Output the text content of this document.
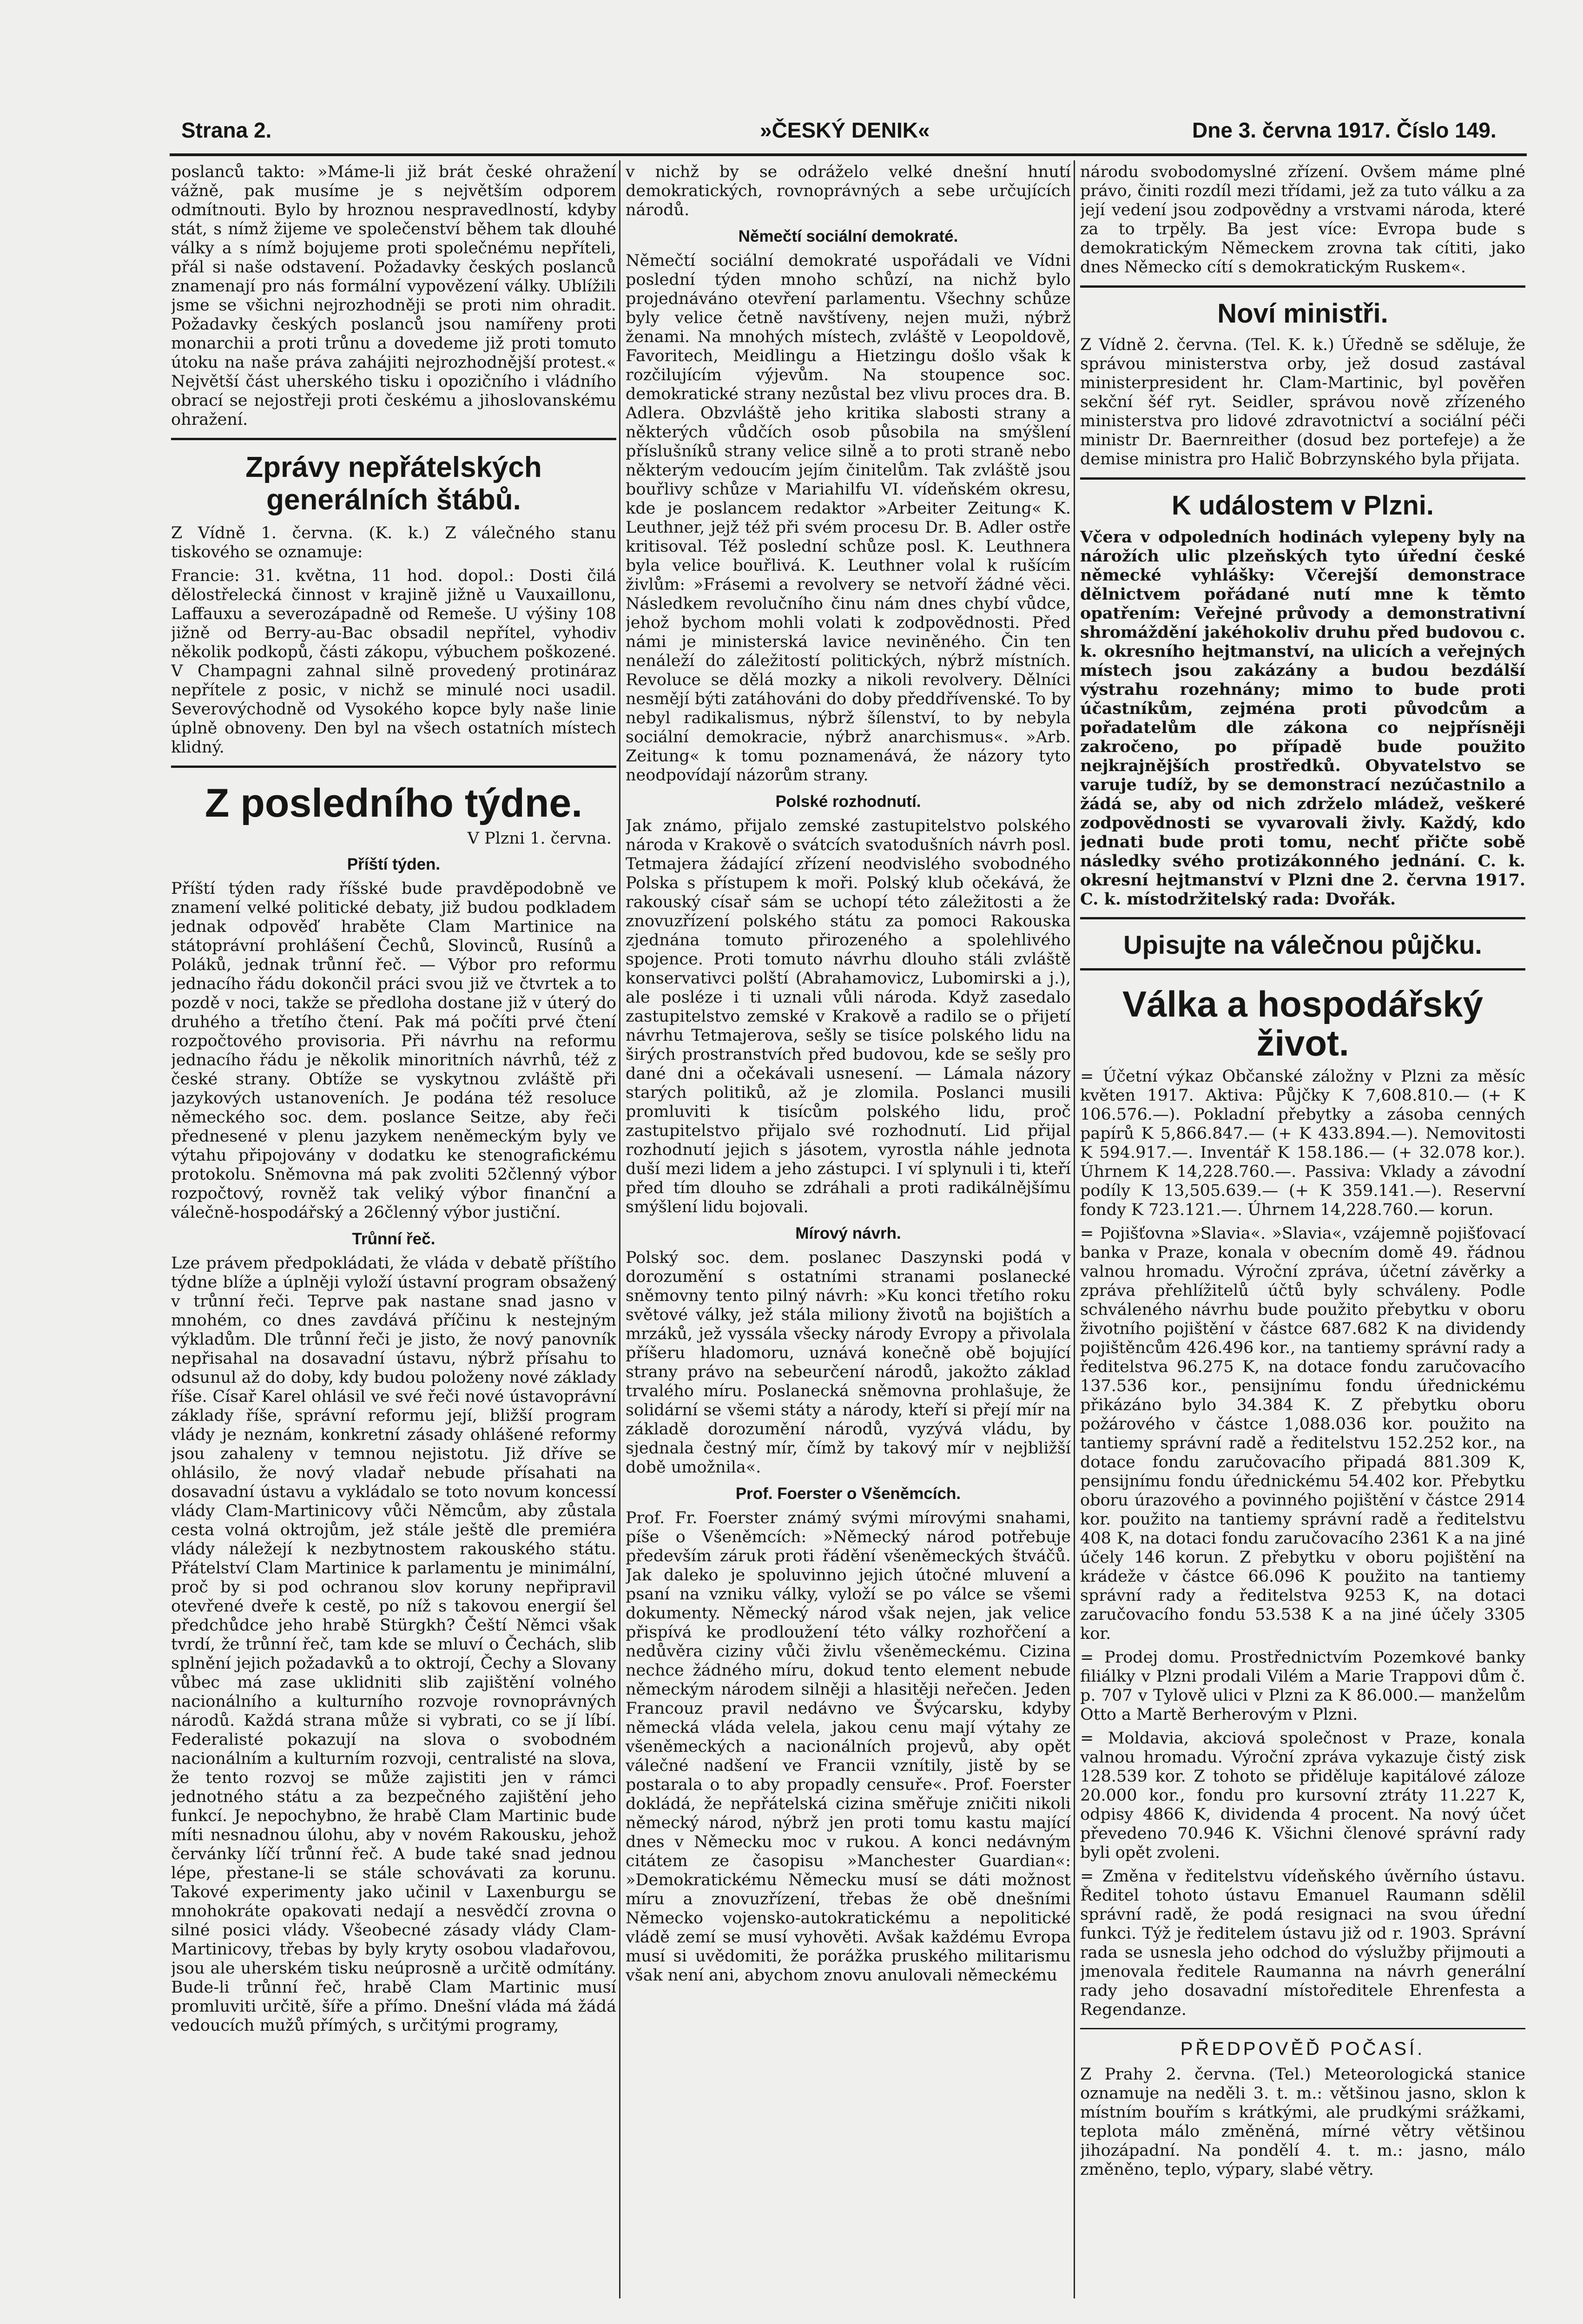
Strana 2.	»ČESKÝ DENIK«	Dne 3. června 1917. Číslo 149.

poslanců takto: »Máme-li již brát české ohražení vážně, pak musíme je s největším odporem odmítnouti. Bylo by hroznou nespravedlností, kdyby stát, s nímž žijeme ve společenství během tak dlouhé války a s nímž bojujeme proti společnému nepříteli, přál si naše odstavení. Požadavky českých poslanců znamenají pro nás formální vypovězení války. Ublížili jsme se všichni nejrozhodněji se proti nim ohradit. Požadavky českých poslanců jsou namířeny proti monarchii a proti trůnu a dovedeme již proti tomuto útoku na naše práva zahájiti nejrozhodnější protest.« Největší část uherského tisku i opozičního i vládního obrací se nejostřeji proti českému a jihoslovanskému ohražení.

Zprávy nepřátelských generálních štábů.

Z Vídně 1. června. (K. k.) Z válečného stanu tiskového se oznamuje:

Francie: 31. května, 11 hod. dopol.: Dosti čilá dělostřelecká činnost v krajině jižně u Vauxaillonu, Laffauxu a severozápadně od Remeše. U výšiny 108 jižně od Berry-au-Bac obsadil nepřítel, vyhodiv několik podkopů, části zákopu, výbuchem poškozené. V Champagni zahnal silně provedený protináraz nepřítele z posic, v nichž se minulé noci usadil. Severovýchodně od Vysokého kopce byly naše linie úplně obnoveny. Den byl na všech ostatních místech klidný.

Z posledního týdne.
V Plzni 1. června.
Příští týden.

Příští týden rady říšské bude pravděpodobně ve znamení velké politické debaty, již budou podkladem jednak odpověď hraběte Clam Martinice na státoprávní prohlášení Čechů, Slovinců, Rusínů a Poláků, jednak trůnní řeč. — Výbor pro reformu jednacího řádu dokončil práci svou již ve čtvrtek a to pozdě v noci, takže se předloha dostane již v úterý do druhého a třetího čtení. Pak má počíti prvé čtení rozpočtového provisoria. Při návrhu na reformu jednacího řádu je několik minoritních návrhů, též z české strany. Obtíže se vyskytnou zvláště při jazykových ustanoveních. Je podána též resoluce německého soc. dem. poslance Seitze, aby řeči přednesené v plenu jazykem neněmeckým byly ve výtahu připojovány v dodatku ke stenografickému protokolu. Sněmovna má pak zvoliti 52členný výbor rozpočtový, rovněž tak veliký výbor finanční a válečně-hospodářský a 26členný výbor justiční.

Trůnní řeč.

Lze právem předpokládati, že vláda v debatě příštího týdne blíže a úplněji vyloží ústavní program obsažený v trůnní řeči. Teprve pak nastane snad jasno v mnohém, co dnes zavdává příčinu k nestejným výkladům. Dle trůnní řeči je jisto, že nový panovník nepřisahal na dosavadní ústavu, nýbrž přísahu to odsunul až do doby, kdy budou položeny nové základy říše. Císař Karel ohlásil ve své řeči nové ústavoprávní základy říše, správní reformu její, bližší program vlády je neznám, konkretní zásady ohlášené reformy jsou zahaleny v temnou nejistotu. Již dříve se ohlásilo, že nový vladař nebude přísahati na dosavadní ústavu a vykládalo se toto novum koncessí vlády Clam-Martinicovy vůči Němcům, aby zůstala cesta volná oktrojům, jež stále ještě dle premiéra vlády náležejí k nezbytnostem rakouského státu. Přátelství Clam Martinice k parlamentu je minimální, proč by si pod ochranou slov koruny nepřipravil otevřené dveře k cestě, po níž s takovou energií šel předchůdce jeho hrabě Stürgkh? Čeští Němci však tvrdí, že trůnní řeč, tam kde se mluví o Čechách, slib splnění jejich požadavků a to oktrojí, Čechy a Slovany vůbec má zase uklidniti slib zajištění volného nacionálního a kulturního rozvoje rovnoprávných národů. Každá strana může si vybrati, co se jí líbí. Federalisté pokazují na slova o svobodném nacionálním a kulturním rozvoji, centralisté na slova, že tento rozvoj se může zajistiti jen v rámci jednotného státu a za bezpečného zajištění jeho funkcí. Je nepochybno, že hrabě Clam Martinic bude míti nesnadnou úlohu, aby v novém Rakousku, jehož červánky líčí trůnní řeč. A bude také snad jednou lépe, přestane-li se stále schovávati za korunu. Takové experimenty jako učinil v Laxenburgu se mnohokráte opakovati nedají a nesvědčí zrovna o silné posici vlády. Všeobecné zásady vlády Clam-Martinicovy, třebas by byly kryty osobou vladařovou, jsou ale uherském tisku neúprosně a určitě odmítány. Bude-li trůnní řeč, hrabě Clam Martinic musí promluviti určitě, šíře a přímo. Dnešní vláda má žádá vedoucích mužů přímých, s určitými programy,

v nichž by se odráželo velké dnešní hnutí demokratických, rovnoprávných a sebe určujících národů.

Němečtí sociální demokraté.

Němečtí sociální demokraté uspořádali ve Vídni poslední týden mnoho schůzí, na nichž bylo projednáváno otevření parlamentu. Všechny schůze byly velice četně navštíveny, nejen muži, nýbrž ženami. Na mnohých místech, zvláště v Leopoldově, Favoritech, Meidlingu a Hietzingu došlo však k rozčilujícím výjevům. Na stoupence soc. demokratické strany nezůstal bez vlivu proces dra. B. Adlera. Obzvláště jeho kritika slabosti strany a některých vůdčích osob působila na smýšlení příslušníků strany velice silně a to proti straně nebo některým vedoucím jejím činitelům. Tak zvláště jsou bouřlivy schůze v Mariahilfu VI. vídeňském okresu, kde je poslancem redaktor »Arbeiter Zeitung« K. Leuthner, jejž též při svém procesu Dr. B. Adler ostře kritisoval. Též poslední schůze posl. K. Leuthnera byla velice bouřlivá. K. Leuthner volal k rušícím živlům: »Frásemi a revolvery se netvoří žádné věci. Následkem revolučního činu nám dnes chybí vůdce, jehož bychom mohli volati k zodpovědnosti. Před námi je ministerská lavice neviněného. Čin ten nenáleží do záležitostí politických, nýbrž místních. Revoluce se dělá mozky a nikoli revolvery. Dělníci nesmějí býti zatáhováni do doby předdřívenské. To by nebyl radikalismus, nýbrž šílenství, to by nebyla sociální demokracie, nýbrž anarchismus«. »Arb. Zeitung« k tomu poznamenává, že názory tyto neodpovídají názorům strany.

Polské rozhodnutí.

Jak známo, přijalo zemské zastupitelstvo polského národa v Krakově o svátcích svatodušních návrh posl. Tetmajera žádající zřízení neodvislého svobodného Polska s přístupem k moři. Polský klub očekává, že rakouský císař sám se uchopí této záležitosti a že znovuzřízení polského státu za pomoci Rakouska zjednána tomuto přirozeného a spolehlivého spojence. Proti tomuto návrhu dlouho stáli zvláště konservativci polští (Abrahamovicz, Lubomirski a j.), ale posléze i ti uznali vůli národa. Když zasedalo zastupitelstvo zemské v Krakově a radilo se o přijetí návrhu Tetmajerova, sešly se tisíce polského lidu na širých prostranstvích před budovou, kde se sešly pro dané dni a očekávali usnesení. — Lámala názory starých politiků, až je zlomila. Poslanci musili promluviti k tisícům polského lidu, proč zastupitelstvo přijalo své rozhodnutí. Lid přijal rozhodnutí jejich s jásotem, vyrostla náhle jednota duší mezi lidem a jeho zástupci. I ví splynuli i ti, kteří před tím dlouho se zdráhali a proti radikálnějšímu smýšlení lidu bojovali.

Mírový návrh.

Polský soc. dem. poslanec Daszynski podá v dorozumění s ostatními stranami poslanecké sněmovny tento pilný návrh: »Ku konci třetího roku světové války, jež stála miliony životů na bojištích a mrzáků, jež vyssála všecky národy Evropy a přivolala příšeru hladomoru, uznává konečně obě bojující strany právo na sebeurčení národů, jakožto základ trvalého míru. Poslanecká sněmovna prohlašuje, že solidární se všemi státy a národy, kteří si přejí mír na základě dorozumění národů, vyzývá vládu, by sjednala čestný mír, čímž by takový mír v nejbližší době umožnila«.

Prof. Foerster o Všeněmcích.

Prof. Fr. Foerster známý svými mírovými snahami, píše o Všeněmcích: »Německý národ potřebuje především záruk proti řádění všeněmeckých štváčů. Jak daleko je spoluvinno jejich útočné mluvení a psaní na vzniku války, vyloží se po válce se všemi dokumenty. Německý národ však nejen, jak velice přispívá ke prodloužení této války rozhořčení a nedůvěra ciziny vůči živlu všeněmeckému. Cizina nechce žádného míru, dokud tento element nebude německým národem silněji a hlasitěji neřečen. Jeden Francouz pravil nedávno ve Švýcarsku, kdyby německá vláda velela, jakou cenu mají výtahy ze všeněmeckých a nacionálních projevů, aby opět válečné nadšení ve Francii vznítily, jistě by se postarala o to aby propadly censuře«. Prof. Foerster dokládá, že nepřátelská cizina směřuje zničiti nikoli německý národ, nýbrž jen proti tomu kastu mající dnes v Německu moc v rukou. A konci nedávným citátem ze časopisu »Manchester Guardian«: »Demokratickému Německu musí se dáti možnost míru a znovuzřízení, třebas že obě dnešními Německo vojensko-autokratickému a nepolitické vládě zemí se musí vyhověti. Avšak každému Evropa musí si uvědomiti, že porážka pruského militarismu však není ani, abychom znovu anulovali německému

národu svobodomyslné zřízení. Ovšem máme plné právo, činiti rozdíl mezi třídami, jež za tuto válku a za její vedení jsou zodpovědny a vrstvami národa, které za to trpěly. Ba jest více: Evropa bude s demokratickým Německem zrovna tak cítiti, jako dnes Německo cítí s demokratickým Ruskem«.

Noví ministři.

Z Vídně 2. června. (Tel. K. k.) Úředně se sděluje, že správou ministerstva orby, jež dosud zastával ministerpresident hr. Clam-Martinic, byl pověřen sekční šéf ryt. Seidler, správou nově zřízeného ministerstva pro lidové zdravotnictví a sociální péči ministr Dr. Baernreither (dosud bez portefeje) a že demise ministra pro Halič Bobrzynského byla přijata.

K událostem v Plzni.

Včera v odpoledních hodinách vylepeny byly na nárožích ulic plzeňských tyto úřední české německé vyhlášky: Včerejší demonstrace dělnictvem pořádané nutí mne k těmto opatřením: Veřejné průvody a demonstrativní shromáždění jakéhokoliv druhu před budovou c. k. okresního hejtmanství, na ulicích a veřejných místech jsou zakázány a budou bezdálší výstrahu rozehnány; mimo to bude proti účastníkům, zejména proti původcům a pořadatelům dle zákona co nejpřísněji zakročeno, po případě bude použito nejkrajnějších prostředků. Obyvatelstvo se varuje tudíž, by se demonstrací nezúčastnilo a žádá se, aby od nich zdrželo mládež, veškeré zodpovědnosti se vyvarovali živly. Každý, kdo jednati bude proti tomu, nechť přičte sobě následky svého protizákonného jednání. C. k. okresní hejtmanství v Plzni dne 2. června 1917. C. k. místodržitelský rada: Dvořák.

Upisujte na válečnou půjčku.
Válka a hospodářský život.

= Účetní výkaz Občanské záložny v Plzni za měsíc květen 1917. Aktiva: Půjčky K 7,608.810.— (+ K 106.576.—). Pokladní přebytky a zásoba cenných papírů K 5,866.847.— (+ K 433.894.—). Nemovitosti K 594.917.—. Inventář K 158.186.— (+ 32.078 kor.). Úhrnem K 14,228.760.—. Passiva: Vklady a závodní podíly K 13,505.639.— (+ K 359.141.—). Reservní fondy K 723.121.—. Úhrnem 14,228.760.— korun.

= Pojišťovna »Slavia«. »Slavia«, vzájemně pojišťovací banka v Praze, konala v obecním domě 49. řádnou valnou hromadu. Výroční zpráva, účetní závěrky a zpráva přehlížitelů účtů byly schváleny. Podle schváleného návrhu bude použito přebytku v oboru životního pojištění v částce 687.682 K na dividendy pojištěncům 426.496 kor., na tantiemy správní rady a ředitelstva 96.275 K, na dotace fondu zaručovacího 137.536 kor., pensijnímu fondu úřednickému přikázáno bylo 34.384 K. Z přebytku oboru požárového v částce 1,088.036 kor. použito na tantiemy správní radě a ředitelstvu 152.252 kor., na dotace fondu zaručovacího připadá 881.309 K, pensijnímu fondu úřednickému 54.402 kor. Přebytku oboru úrazového a povinného pojištění v částce 2914 kor. použito na tantiemy správní radě a ředitelstvu 408 K, na dotaci fondu zaručovacího 2361 K a na jiné účely 146 korun. Z přebytku v oboru pojištění na krádeže v částce 66.096 K použito na tantiemy správní rady a ředitelstva 9253 K, na dotaci zaručovacího fondu 53.538 K a na jiné účely 3305 kor.

= Prodej domu. Prostřednictvím Pozemkové banky filiálky v Plzni prodali Vilém a Marie Trappovi dům č. p. 707 v Tylově ulici v Plzni za K 86.000.— manželům Otto a Martě Berherovým v Plzni.

= Moldavia, akciová společnost v Praze, konala valnou hromadu. Výroční zpráva vykazuje čistý zisk 128.539 kor. Z tohoto se přiděluje kapitálové záloze 20.000 kor., fondu pro kursovní ztráty 11.227 K, odpisy 4866 K, dividenda 4 procent. Na nový účet převedeno 70.946 K. Všichni členové správní rady byli opět zvoleni.

= Změna v ředitelstvu vídeňského úvěrního ústavu. Ředitel tohoto ústavu Emanuel Raumann sdělil správní radě, že podá resignaci na svou úřední funkci. Týž je ředitelem ústavu již od r. 1903. Správní rada se usnesla jeho odchod do výslužby přijmouti a jmenovala ředitele Raumanna na návrh generální rady jeho dosavadní místoředitele Ehrenfesta a Regendanze.

PŘEDPOVĚĎ POČASÍ.

Z Prahy 2. června. (Tel.) Meteorologická stanice oznamuje na neděli 3. t. m.: většinou jasno, sklon k místním bouřím s krátkými, ale prudkými srážkami, teplota málo změněná, mírné větry většinou jihozápadní. Na pondělí 4. t. m.: jasno, málo změněno, teplo, výpary, slabé větry.
